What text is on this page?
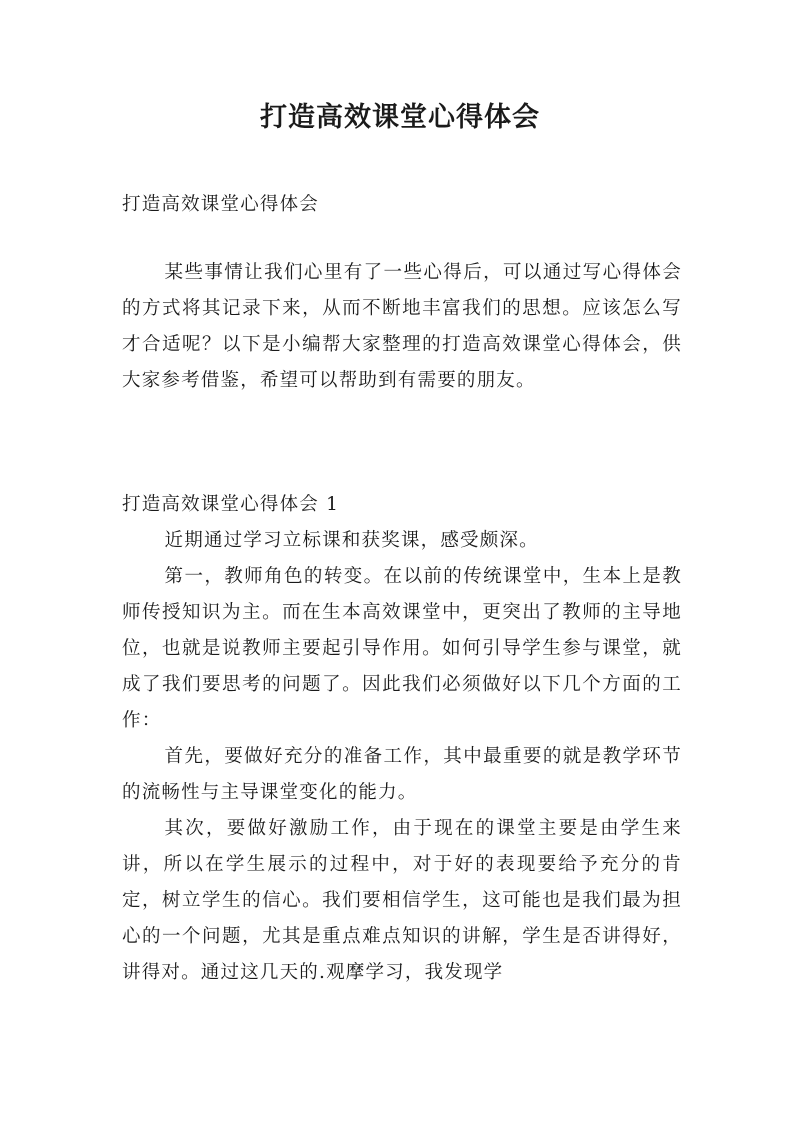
打造高效课堂心得体会

打造高效课堂心得体会

某些事情让我们心里有了一些心得后，可以通过写心得体会的方式将其记录下来，从而不断地丰富我们的思想。应该怎么写才合适呢？以下是小编帮大家整理的打造高效课堂心得体会，供大家参考借鉴，希望可以帮助到有需要的朋友。

打造高效课堂心得体会 1

近期通过学习立标课和获奖课，感受颇深。

第一，教师角色的转变。在以前的传统课堂中，生本上是教师传授知识为主。而在生本高效课堂中，更突出了教师的主导地位，也就是说教师主要起引导作用。如何引导学生参与课堂，就成了我们要思考的问题了。因此我们必须做好以下几个方面的工作：

首先，要做好充分的准备工作，其中最重要的就是教学环节的流畅性与主导课堂变化的能力。

其次，要做好激励工作，由于现在的课堂主要是由学生来讲，所以在学生展示的过程中，对于好的表现要给予充分的肯定，树立学生的信心。我们要相信学生，这可能也是我们最为担心的一个问题，尤其是重点难点知识的讲解，学生是否讲得好，讲得对。通过这几天的.观摩学习，我发现学
